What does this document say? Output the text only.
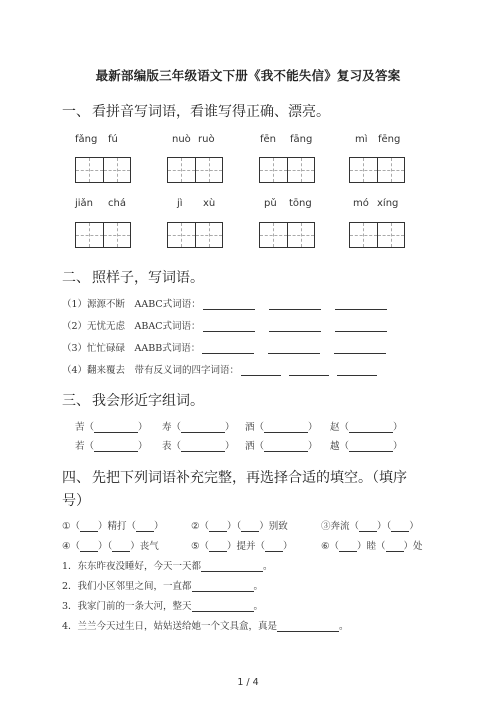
最新部编版三年级语文下册《我不能失信》复习及答案
一、 看拼音写词语，看谁写得正确、漂亮。
fǎng fú	nuò ruò	fēn fāng	mì fēng
jiǎn chá	jì xù	pǔ tōng	mó xíng
二、 照样子，写词语。
（1）源源不断　AABC式词语：
（2）无忧无虑　ABAC式词语：
（3）忙忙碌碌　AABB式词语：
（4）翻来覆去　带有反义词的四字词语：
三、 我会形近字组词。
苦（	） 寿（	） 酒（	） 赵（	）
若（	） 表（	） 洒（	） 越（	）
四、 先把下列词语补充完整，再选择合适的填空。（填序
号）
①（ ）精打（ ）	②（ ）（ ）别致	③奔流（ ）（ ）
④（ ）（ ）丧气	⑤（ ）提并（ ）	⑥（ ）睦（ ）处
1．东东昨夜没睡好，今天一天都	。
2．我们小区邻里之间，一直都	。
3．我家门前的一条大河，整天	。
4．兰兰今天过生日，姑姑送给她一个文具盒，真是	。
1 / 4
